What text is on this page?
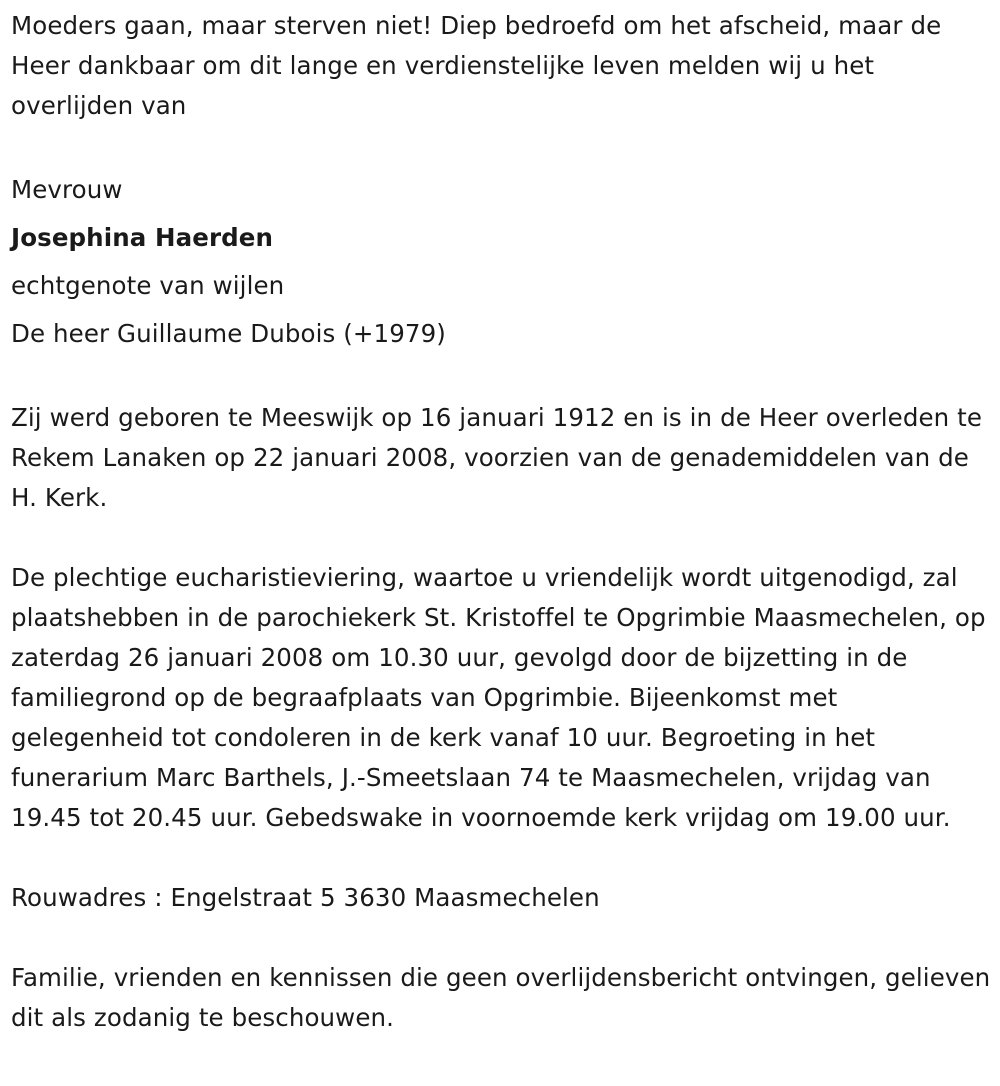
Moeders gaan, maar sterven niet! Diep bedroefd om het afscheid, maar de Heer dankbaar om dit lange en verdienstelijke leven melden wij u het overlijden van

Mevrouw
Josephina Haerden
echtgenote van wijlen
De heer Guillaume Dubois (+1979)

Zij werd geboren te Meeswijk op 16 januari 1912 en is in de Heer overleden te Rekem Lanaken op 22 januari 2008, voorzien van de genademiddelen van de H. Kerk.

De plechtige eucharistieviering, waartoe u vriendelijk wordt uitgenodigd, zal plaatshebben in de parochiekerk St. Kristoffel te Opgrimbie Maasmechelen, op zaterdag 26 januari 2008 om 10.30 uur, gevolgd door de bijzetting in de familiegrond op de begraafplaats van Opgrimbie. Bijeenkomst met gelegenheid tot condoleren in de kerk vanaf 10 uur. Begroeting in het funerarium Marc Barthels, J.-Smeetslaan 74 te Maasmechelen, vrijdag van 19.45 tot 20.45 uur. Gebedswake in voornoemde kerk vrijdag om 19.00 uur.

Rouwadres : Engelstraat 5 3630 Maasmechelen

Familie, vrienden en kennissen die geen overlijdensbericht ontvingen, gelieven dit als zodanig te beschouwen.
